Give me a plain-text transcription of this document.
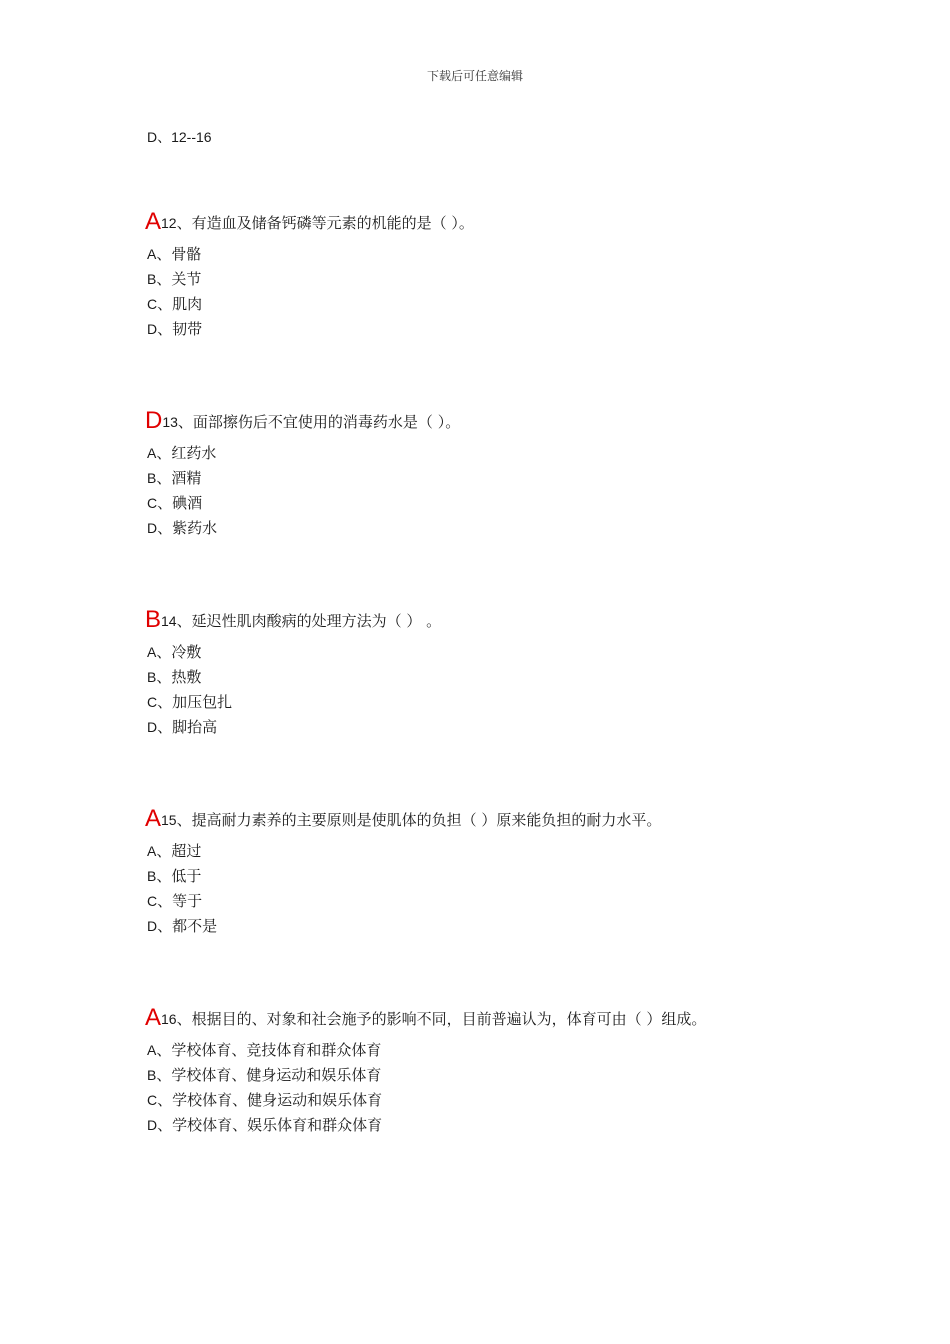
下载后可任意编辑
D、12--16
A12、有造血及储备钙磷等元素的机能的是（ ）。
A、骨骼
B、关节
C、肌肉
D、韧带
D13、面部擦伤后不宜使用的消毒药水是（ ）。
A、红药水
B、酒精
C、碘酒
D、紫药水
B14、延迟性肌肉酸病的处理方法为（ ） 。
A、冷敷
B、热敷
C、加压包扎
D、脚抬高
A15、提高耐力素养的主要原则是使肌体的负担（ ）原来能负担的耐力水平。
A、超过
B、低于
C、等于
D、都不是
A16、根据目的、对象和社会施予的影响不同，目前普遍认为，体育可由（ ）组成。
A、学校体育、竞技体育和群众体育
B、学校体育、健身运动和娱乐体育
C、学校体育、健身运动和娱乐体育
D、学校体育、娱乐体育和群众体育
